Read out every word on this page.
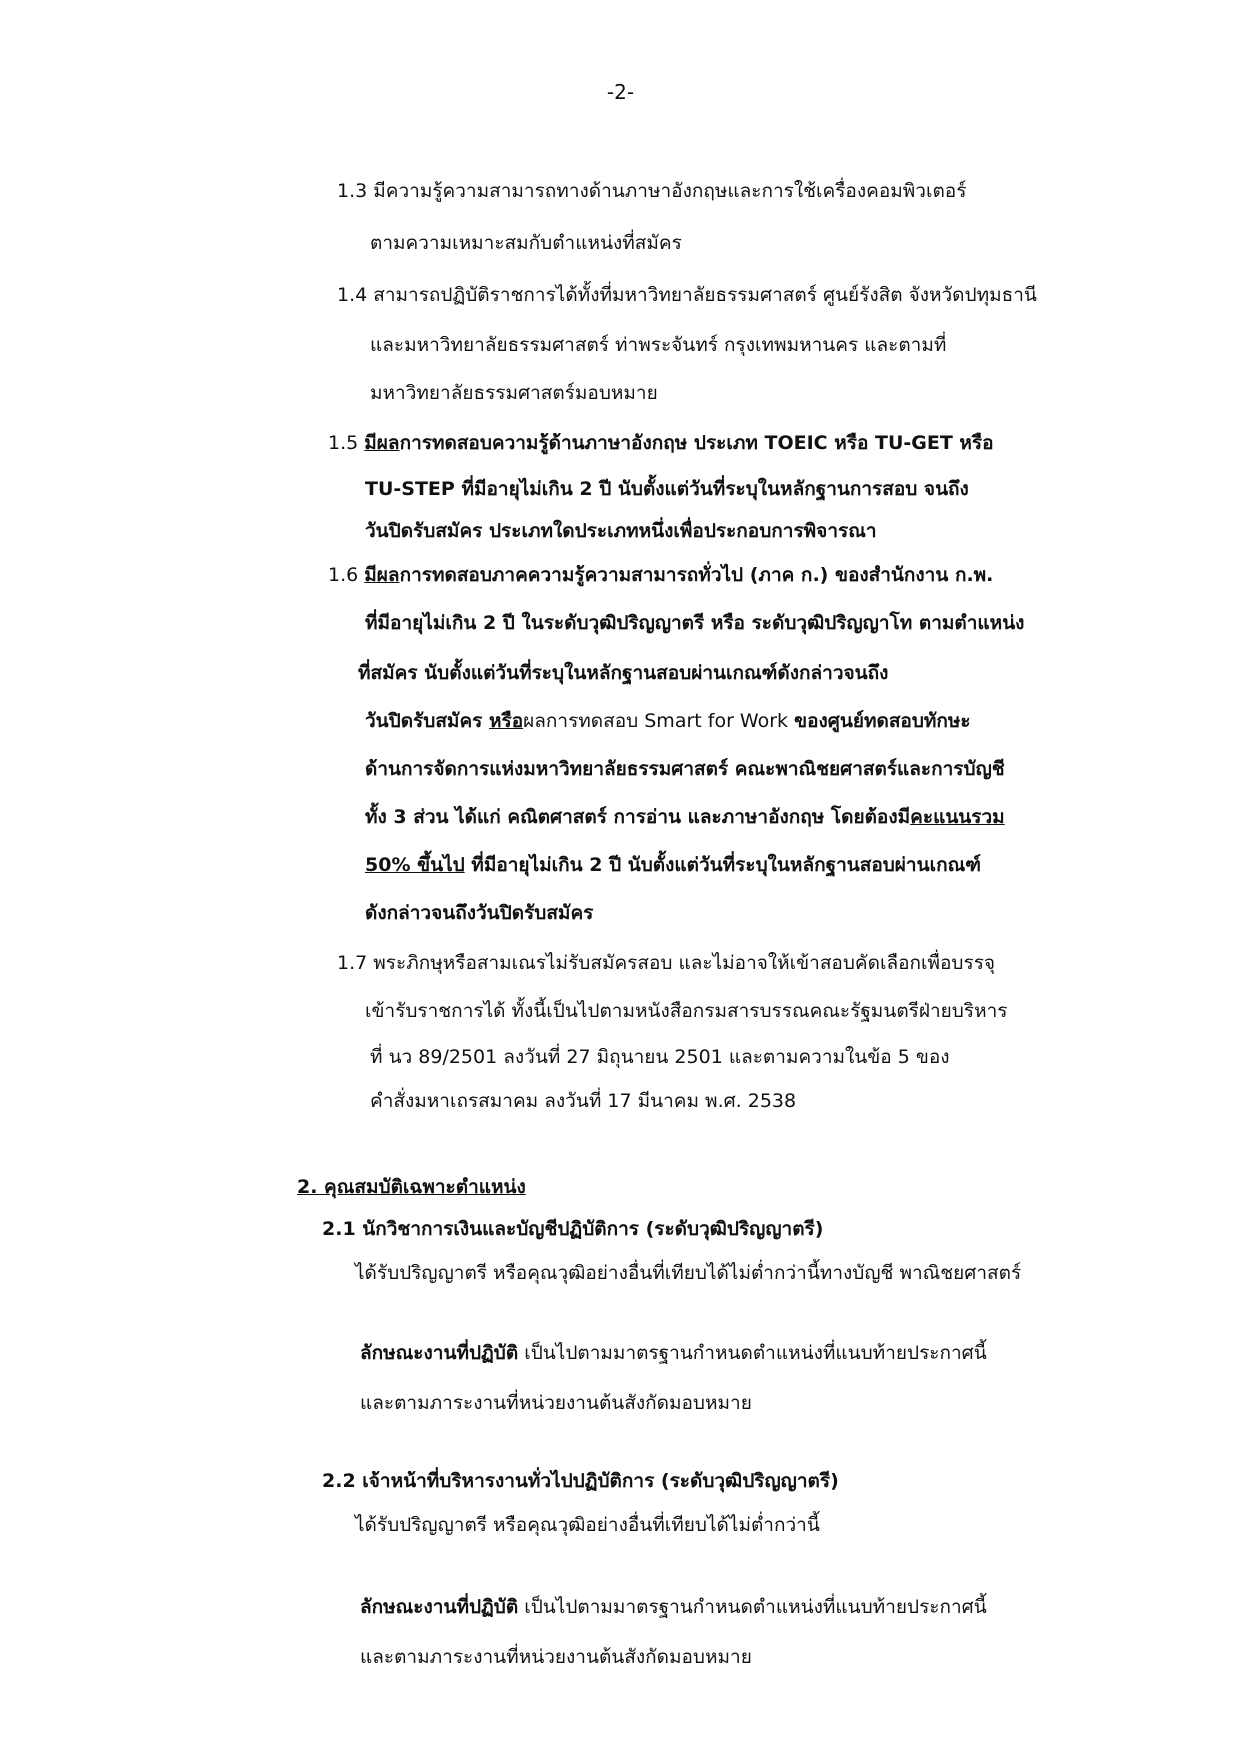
-2-
1.3 มีความรู้ความสามารถทางด้านภาษาอังกฤษและการใช้เครื่องคอมพิวเตอร์
ตามความเหมาะสมกับตำแหน่งที่สมัคร
1.4 สามารถปฏิบัติราชการได้ทั้งที่มหาวิทยาลัยธรรมศาสตร์ ศูนย์รังสิต จังหวัดปทุมธานี
และมหาวิทยาลัยธรรมศาสตร์ ท่าพระจันทร์ กรุงเทพมหานคร และตามที่
มหาวิทยาลัยธรรมศาสตร์มอบหมาย
1.5 มีผลการทดสอบความรู้ด้านภาษาอังกฤษ ประเภท TOEIC หรือ TU-GET หรือ
TU-STEP ที่มีอายุไม่เกิน 2 ปี นับตั้งแต่วันที่ระบุในหลักฐานการสอบ จนถึง
วันปิดรับสมัคร ประเภทใดประเภทหนึ่งเพื่อประกอบการพิจารณา
1.6 มีผลการทดสอบภาคความรู้ความสามารถทั่วไป (ภาค ก.) ของสำนักงาน ก.พ.
ที่มีอายุไม่เกิน 2 ปี ในระดับวุฒิปริญญาตรี หรือ ระดับวุฒิปริญญาโท ตามตำแหน่ง
ที่สมัคร นับตั้งแต่วันที่ระบุในหลักฐานสอบผ่านเกณฑ์ดังกล่าวจนถึง
วันปิดรับสมัคร หรือผลการทดสอบ Smart for Work ของศูนย์ทดสอบทักษะ
ด้านการจัดการแห่งมหาวิทยาลัยธรรมศาสตร์ คณะพาณิชยศาสตร์และการบัญชี
ทั้ง 3 ส่วน ได้แก่ คณิตศาสตร์ การอ่าน และภาษาอังกฤษ โดยต้องมีคะแนนรวม
50% ขึ้นไป ที่มีอายุไม่เกิน 2 ปี นับตั้งแต่วันที่ระบุในหลักฐานสอบผ่านเกณฑ์
ดังกล่าวจนถึงวันปิดรับสมัคร
1.7 พระภิกษุหรือสามเณรไม่รับสมัครสอบ และไม่อาจให้เข้าสอบคัดเลือกเพื่อบรรจุ
เข้ารับราชการได้ ทั้งนี้เป็นไปตามหนังสือกรมสารบรรณคณะรัฐมนตรีฝ่ายบริหาร
ที่ นว 89/2501 ลงวันที่ 27 มิถุนายน 2501 และตามความในข้อ 5 ของ
คำสั่งมหาเถรสมาคม ลงวันที่ 17 มีนาคม พ.ศ. 2538
2. คุณสมบัติเฉพาะตำแหน่ง
2.1 นักวิชาการเงินและบัญชีปฏิบัติการ (ระดับวุฒิปริญญาตรี)
ได้รับปริญญาตรี หรือคุณวุฒิอย่างอื่นที่เทียบได้ไม่ต่ำกว่านี้ทางบัญชี พาณิชยศาสตร์
ลักษณะงานที่ปฏิบัติ เป็นไปตามมาตรฐานกำหนดตำแหน่งที่แนบท้ายประกาศนี้
และตามภาระงานที่หน่วยงานต้นสังกัดมอบหมาย
2.2 เจ้าหน้าที่บริหารงานทั่วไปปฏิบัติการ (ระดับวุฒิปริญญาตรี)
ได้รับปริญญาตรี หรือคุณวุฒิอย่างอื่นที่เทียบได้ไม่ต่ำกว่านี้
ลักษณะงานที่ปฏิบัติ เป็นไปตามมาตรฐานกำหนดตำแหน่งที่แนบท้ายประกาศนี้
และตามภาระงานที่หน่วยงานต้นสังกัดมอบหมาย
